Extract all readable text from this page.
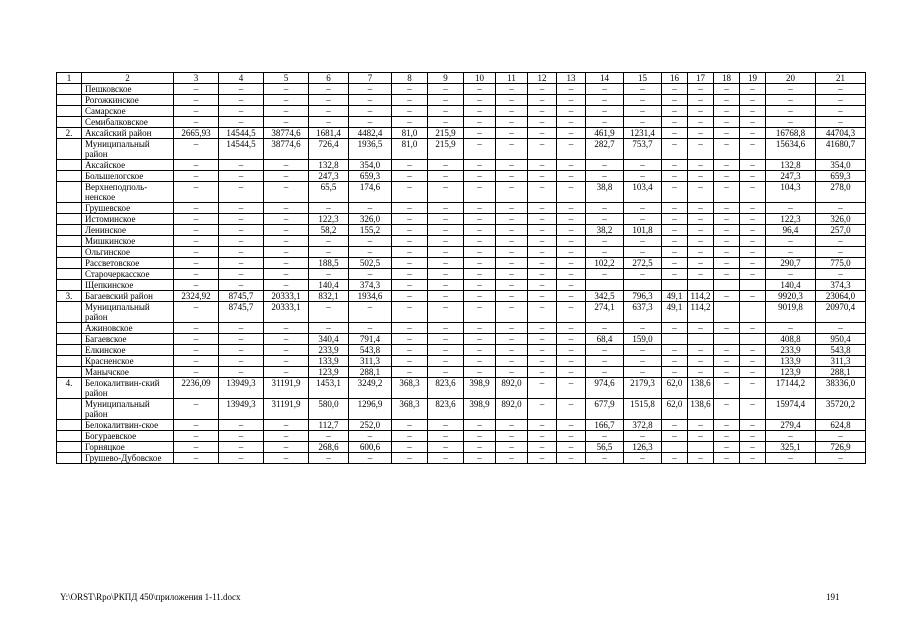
1	2	3	4	5	6	7	8	9	10	11	12	13	14	15	16	17	18	19	20	21
	Пешковское	–	–	–	–	–	–	–	–	–	–	–	–	–	–	–	–	–	–	–
	Рогожкинское	–	–	–	–	–	–	–	–	–	–	–	–	–	–	–	–	–	–	–
	Самарское	–	–	–	–	–	–	–	–	–	–	–	–	–	–	–	–	–	–	–
	Семибалковское	–	–	–	–	–	–	–	–	–	–	–	–	–	–	–	–	–	–	–
2.	Аксайский район	2665,93	14544,5	38774,6	1681,4	4482,4	81,0	215,9	–	–	–	–	461,9	1231,4	–	–	–	–	16768,8	44704,3
	Муниципальный район	–	14544,5	38774,6	726,4	1936,5	81,0	215,9	–	–	–	–	282,7	753,7	–	–	–	–	15634,6	41680,7
	Аксайское	–	–	–	132,8	354,0	–	–	–	–	–	–	–	–	–	–	–	–	132,8	354,0
	Большелогское	–	–	–	247,3	659,3	–	–	–	–	–	–	–	–	–	–	–	–	247,3	659,3
	Верхнеподполь-ненское	–	–	–	65,5	174,6	–	–	–	–	–	–	38,8	103,4	–	–	–	–	104,3	278,0
	Грушевское	–	–	–	–	–	–	–	–	–	–	–	–	–	–	–	–	–	–	–
	Истоминское	–	–	–	122,3	326,0	–	–	–	–	–	–	–	–	–	–	–	–	122,3	326,0
	Ленинское	–	–	–	58,2	155,2	–	–	–	–	–	–	38,2	101,8	–	–	–	–	96,4	257,0
	Мишкинское	–	–	–	–	–	–	–	–	–	–	–	–	–	–	–	–	–	–	–
	Ольгинское	–	–	–	–	–	–	–	–	–	–	–	–	–	–	–	–	–	–	–
	Рассветовское	–	–	–	188,5	502,5	–	–	–	–	–	–	102,2	272,5	–	–	–	–	290,7	775,0
	Старочеркасское	–	–	–	–	–	–	–	–	–	–	–	–	–	–	–	–	–	–	–
	Щепкинское	–	–	–	140,4	374,3	–	–	–	–	–	–							140,4	374,3
3.	Багаевский район	2324,92	8745,7	20333,1	832,1	1934,6	–	–	–	–	–	–	342,5	796,3	49,1	114,2	–	–	9920,3	23064,0
	Муниципальный район	–	8745,7	20333,1	–	–	–	–	–	–	–	–	274,1	637,3	49,1	114,2			9019,8	20970,4
	Ажиновское	–	–	–	–	–	–	–	–	–	–	–	–	–	–	–	–	–	–	–
	Багаевское	–	–	–	340,4	791,4	–	–	–	–	–	–	68,4	159,0					408,8	950,4
	Елкинское	–	–	–	233,9	543,8	–	–	–	–	–	–	–	–	–	–	–	–	233,9	543,8
	Красненское	–	–	–	133,9	311,3	–	–	–	–	–	–	–	–	–	–	–	–	133,9	311,3
	Манычское	–	–	–	123,9	288,1	–	–	–	–	–	–	–	–	–	–	–	–	123,9	288,1
4.	Белокалитвин-ский район	2236,09	13949,3	31191,9	1453,1	3249,2	368,3	823,6	398,9	892,0	–	–	974,6	2179,3	62,0	138,6	–	–	17144,2	38336,0
	Муниципальный район	–	13949,3	31191,9	580,0	1296,9	368,3	823,6	398,9	892,0	–	–	677,9	1515,8	62,0	138,6	–	–	15974,4	35720,2
	Белокалитвин-ское	–	–	–	112,7	252,0	–	–	–	–	–	–	166,7	372,8	–	–	–	–	279,4	624,8
	Богураевское	–	–	–	–	–	–	–	–	–	–	–	–	–	–	–	–	–	–	–
	Горняцкое	–	–	–	268,6	600,6	–	–	–	–	–	–	56,5	126,3			–	–	325,1	726,9
	Грушево-Дубовское	–	–	–	–	–	–	–	–	–	–	–	–	–	–	–	–	–	–	–
Y:\ORST\Rpo\РКПД 450\приложения 1-11.docx	191
